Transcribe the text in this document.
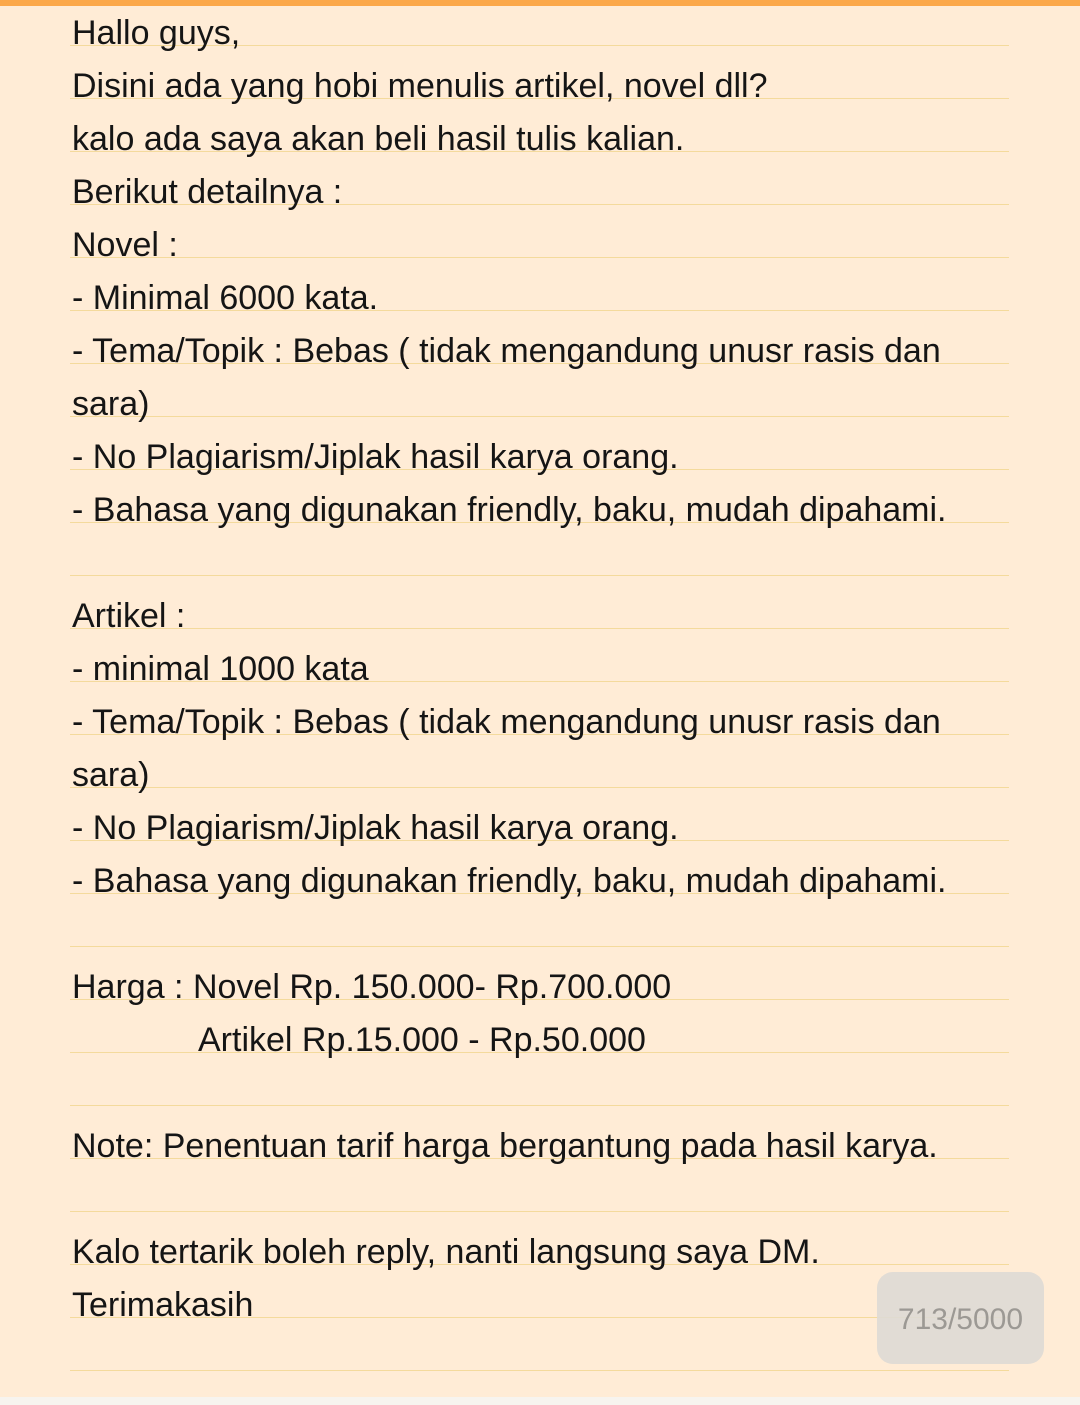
Hallo guys,
Disini ada yang hobi menulis artikel, novel dll?
kalo ada saya akan beli hasil tulis kalian.
Berikut detailnya :
Novel :
- Minimal 6000 kata.
- Tema/Topik : Bebas ( tidak mengandung unusr rasis dan
sara)
- No Plagiarism/Jiplak hasil karya orang.
- Bahasa yang digunakan friendly, baku, mudah dipahami.
Artikel :
- minimal 1000 kata
- Tema/Topik : Bebas ( tidak mengandung unusr rasis dan
sara)
- No Plagiarism/Jiplak hasil karya orang.
- Bahasa yang digunakan friendly, baku, mudah dipahami.
Harga : Novel Rp. 150.000- Rp.700.000
Artikel Rp.15.000 - Rp.50.000
Note: Penentuan tarif harga bergantung pada hasil karya.
Kalo tertarik boleh reply, nanti langsung saya DM.
Terimakasih	713/5000
